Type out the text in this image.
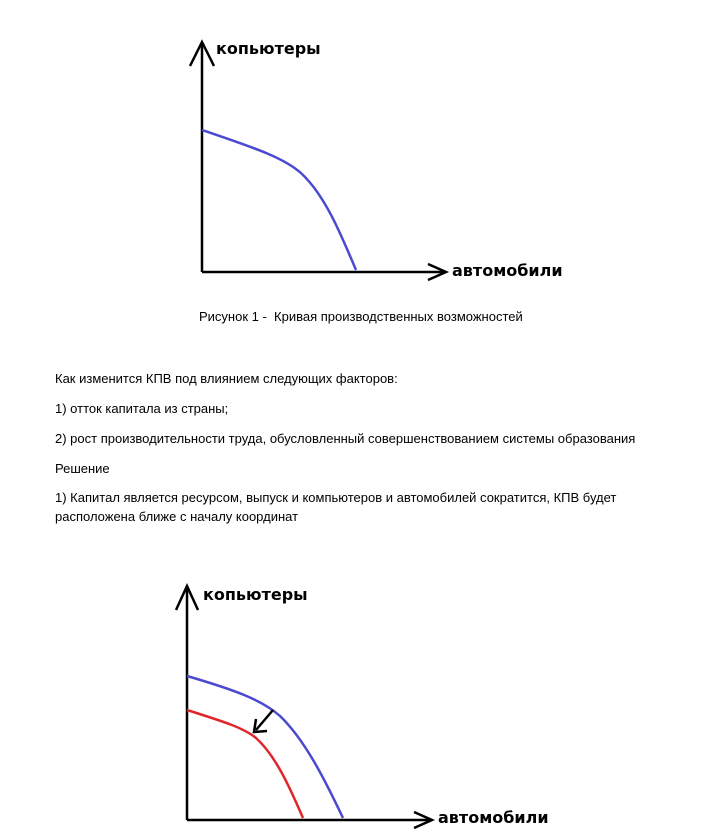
копьютеры
автомобили
копьютеры
автомобили
Рисунок 1 -  Кривая производственных возможностей
Как изменится КПВ под влиянием следующих факторов:
1) отток капитала из страны;
2) рост производительности труда, обусловленный совершенствованием системы образования
Решение
1) Капитал является ресурсом, выпуск и компьютеров и автомобилей сократится, КПВ будет расположена ближе с началу координат
